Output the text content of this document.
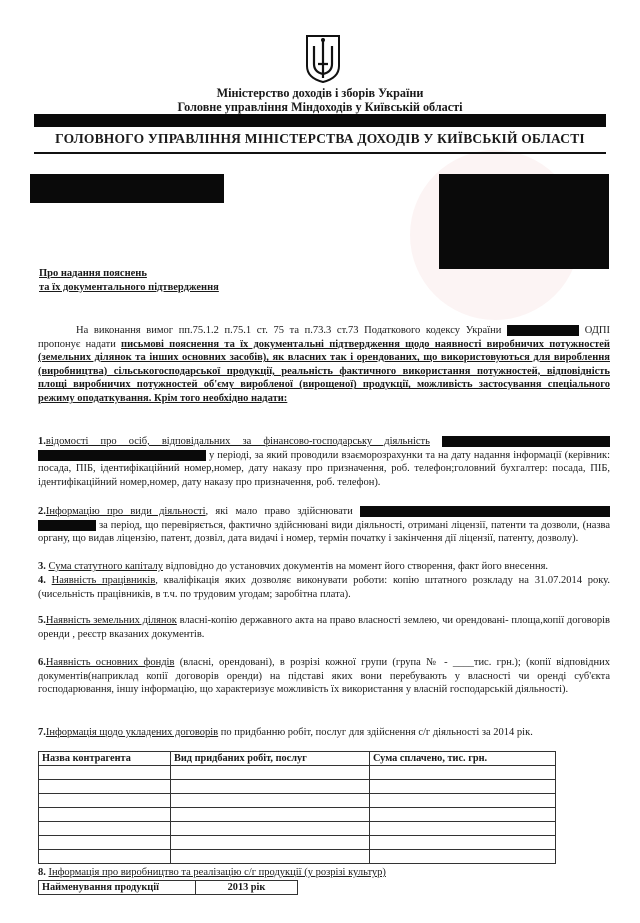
Міністерство доходів і зборів України
Головне управління Міндоходів у Київській області
ГОЛОВНОГО УПРАВЛІННЯ МІНІСТЕРСТВА ДОХОДІВ У КИЇВСЬКІЙ ОБЛАСТІ
Про надання пояснень
та їх документального підтвердження
На виконання вимог пп.75.1.2 п.75.1 ст. 75 та п.73.3 ст.73 Податкового кодексу України	ОДПІ пропонує надати письмові пояснення та їх документальні підтвердження щодо наявності виробничих потужностей (земельних ділянок та інших основних засобів), як власних так і орендованих, що використовуються для вироблення (виробництва) сільськогосподарської продукції, реальність фактичного використання потужностей, відповідність площі виробничих потужностей об'єму виробленої (вирощеної) продукції, можливість застосування спеціального режиму оподаткування. Крім того необхідно надати:
1.відомості про осіб, відповідальних за фінансово-господарську діяльність   у періоді, за який проводили взаєморозрахунки та на дату надання інформації (керівник: посада, ПІБ, ідентифікаційний номер,номер, дату наказу про призначення, роб. телефон;головний бухгалтер: посада, ПІБ, ідентифікаційний номер,номер, дату наказу про призначення, роб. телефон).
2.Інформацію про види діяльності, які мало право здійснювати   за період, що перевіряється, фактично здійснювані види діяльності, отримані ліцензії, патенти та дозволи, (назва органу, що видав ліцензію, патент, дозвіл, дата видачі і номер, термін початку і закінчення дії ліцензії, патенту, дозволу).
3. Сума статутного капіталу відповідно до установчих документів на момент його створення, факт його внесення.
4. Наявність працівників, кваліфікація яких дозволяє виконувати роботи: копію штатного розкладу на 31.07.2014 року. (чисельність працівників, в т.ч. по трудовим угодам; заробітна плата).
5.Наявність земельних ділянок власні-копію державного акта на право власності землею, чи орендовані- площа,копії договорів оренди , реєстр вказаних документів.
6.Наявність основних фондів (власні, орендовані), в розрізі кожної групи (група № - ____тис. грн.); (копії відповідних документів(наприклад копії договорів оренди) на підставі яких вони перебувають у власності чи оренді суб'єкта господарювання, іншу інформацію, що характеризує можливість їх використання у власній господарській діяльності).
7.Інформація щодо укладених договорів по придбанню робіт, послуг для здійснення с/г діяльності за 2014 рік.
Назва контрагента	Вид придбаних робіт, послуг	Сума сплачено, тис. грн.

8. Інформація про виробництво та реалізацію с/г продукції (у розрізі культур)
Найменування продукції	2013 рік
